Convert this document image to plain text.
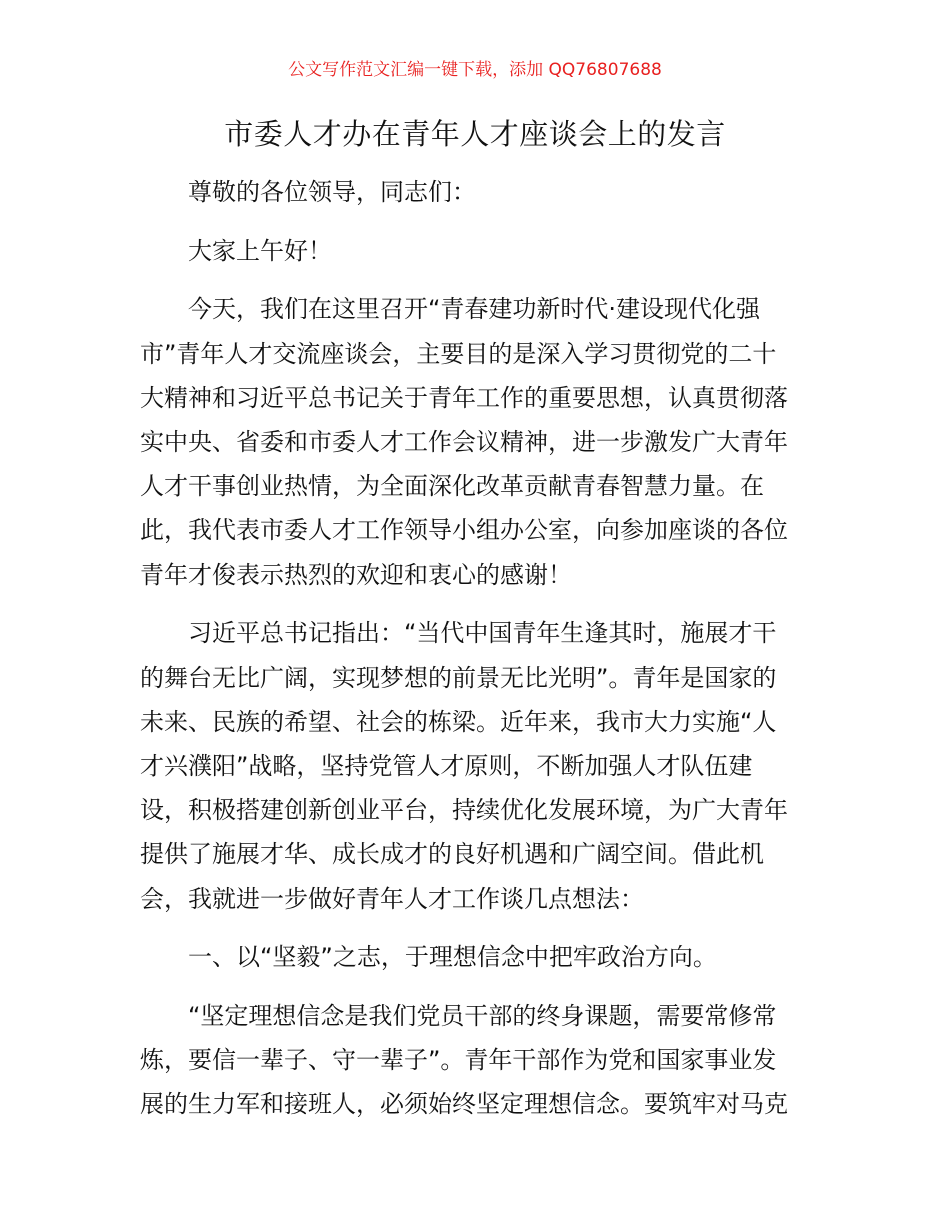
公文写作范文汇编一键下载，添加 QQ76807688
市委人才办在青年人才座谈会上的发言
尊敬的各位领导，同志们：
大家上午好！
今天，我们在这里召开“青春建功新时代·建设现代化强
市”青年人才交流座谈会，主要目的是深入学习贯彻党的二十
大精神和习近平总书记关于青年工作的重要思想，认真贯彻落
实中央、省委和市委人才工作会议精神，进一步激发广大青年
人才干事创业热情，为全面深化改革贡献青春智慧力量。在
此，我代表市委人才工作领导小组办公室，向参加座谈的各位
青年才俊表示热烈的欢迎和衷心的感谢！
习近平总书记指出：“当代中国青年生逢其时，施展才干
的舞台无比广阔，实现梦想的前景无比光明”。青年是国家的
未来、民族的希望、社会的栋梁。近年来，我市大力实施“人
才兴濮阳”战略，坚持党管人才原则，不断加强人才队伍建
设，积极搭建创新创业平台，持续优化发展环境，为广大青年
提供了施展才华、成长成才的良好机遇和广阔空间。借此机
会，我就进一步做好青年人才工作谈几点想法：
一、以“坚毅”之志，于理想信念中把牢政治方向。
“坚定理想信念是我们党员干部的终身课题，需要常修常
炼，要信一辈子、守一辈子”。青年干部作为党和国家事业发
展的生力军和接班人，必须始终坚定理想信念。要筑牢对马克
